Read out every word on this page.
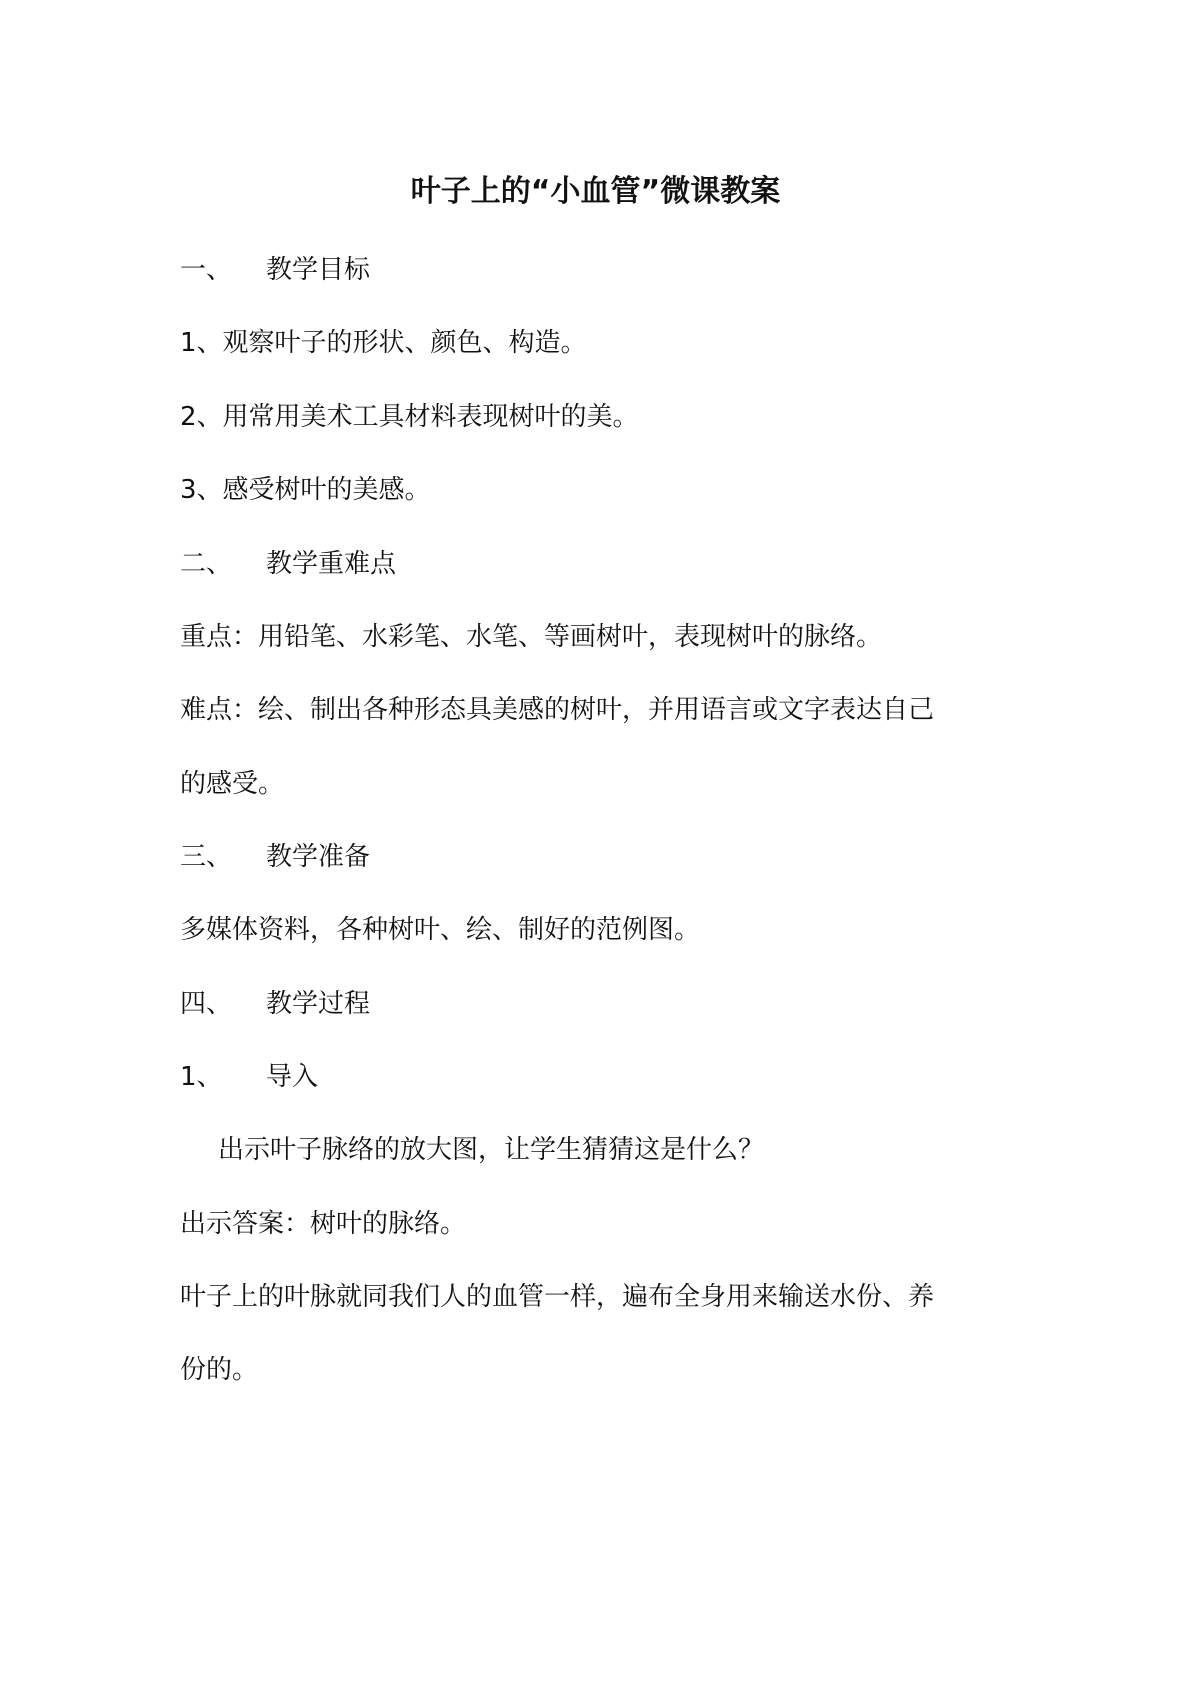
叶子上的“小血管”微课教案
一、 教学目标
1、观察叶子的形状、颜色、构造。
2、用常用美术工具材料表现树叶的美。
3、感受树叶的美感。
二、 教学重难点
重点：用铅笔、水彩笔、水笔、等画树叶，表现树叶的脉络。
难点：绘、制出各种形态具美感的树叶，并用语言或文字表达自己
的感受。
三、 教学准备
多媒体资料，各种树叶、绘、制好的范例图。
四、 教学过程
1、 导入
出示叶子脉络的放大图，让学生猜猜这是什么？
出示答案：树叶的脉络。
叶子上的叶脉就同我们人的血管一样，遍布全身用来输送水份、养
份的。
